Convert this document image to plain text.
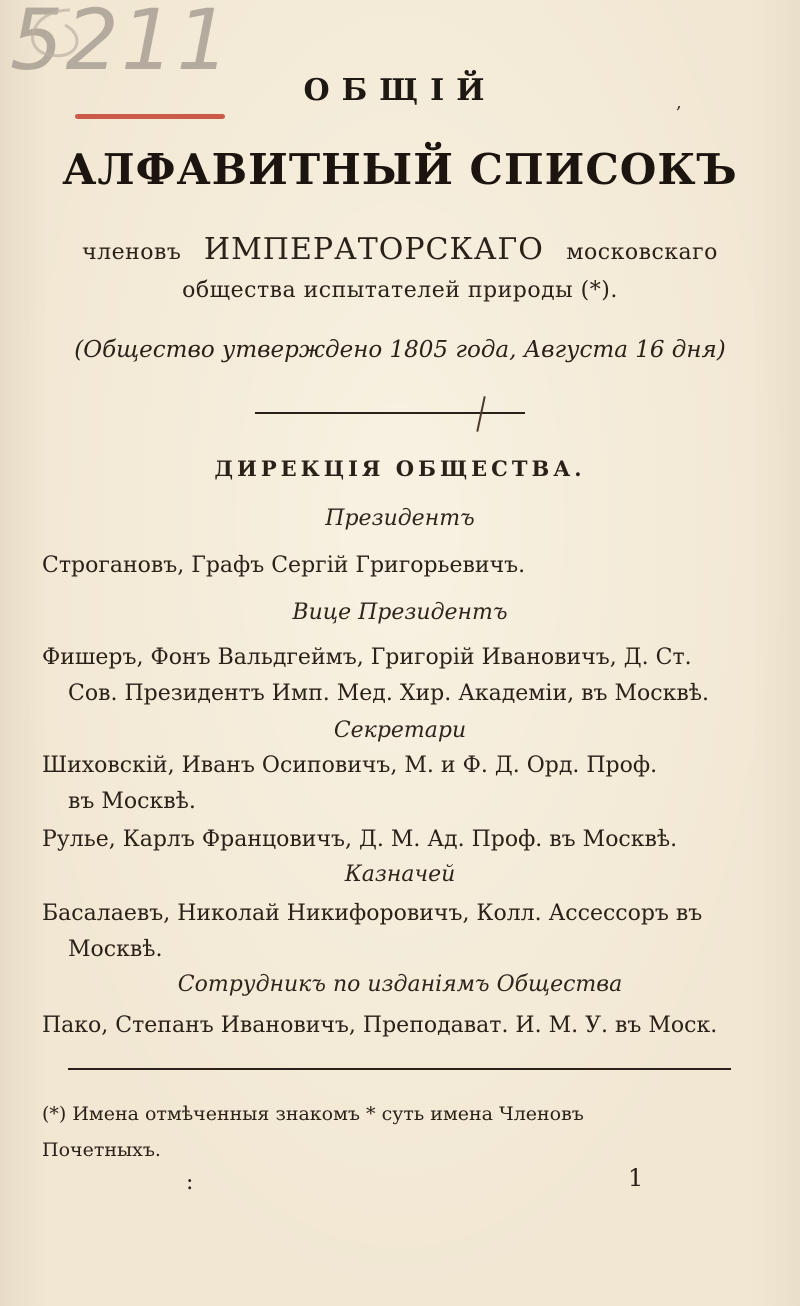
5211
,
ОБЩІЙ
АЛФАВИТНЫЙ СПИСОКЪ
членовъ ИМПЕРАТОРСКАГО московскаго
общества испытателей природы (*).
(Общество утверждено 1805 года, Августа 16 дня)
ДИРЕКЦІЯ ОБЩЕСТВА.
Президентъ
Строгановъ, Графъ Сергій Григорьевичъ.
Вице Президентъ
Фишеръ, Фонъ Вальдгеймъ, Григорій Ивановичъ, Д. Ст.
Сов. Президентъ Имп. Мед. Хир. Академіи, въ Москвѣ.
Секретари
Шиховскій, Иванъ Осиповичъ, М. и Ф. Д. Орд. Проф.
въ Москвѣ.
Рулье, Карлъ Францовичъ, Д. М. Ад. Проф. въ Москвѣ.
Казначей
Басалаевъ, Николай Никифоровичъ, Колл. Ассессоръ въ
Москвѣ.
Сотрудникъ по изданіямъ Общества
Пако, Степанъ Ивановичъ, Преподават. И. М. У. въ Моск.
(*) Имена отмѣченныя знакомъ * суть имена Членовъ
Почетныхъ.
:	1
